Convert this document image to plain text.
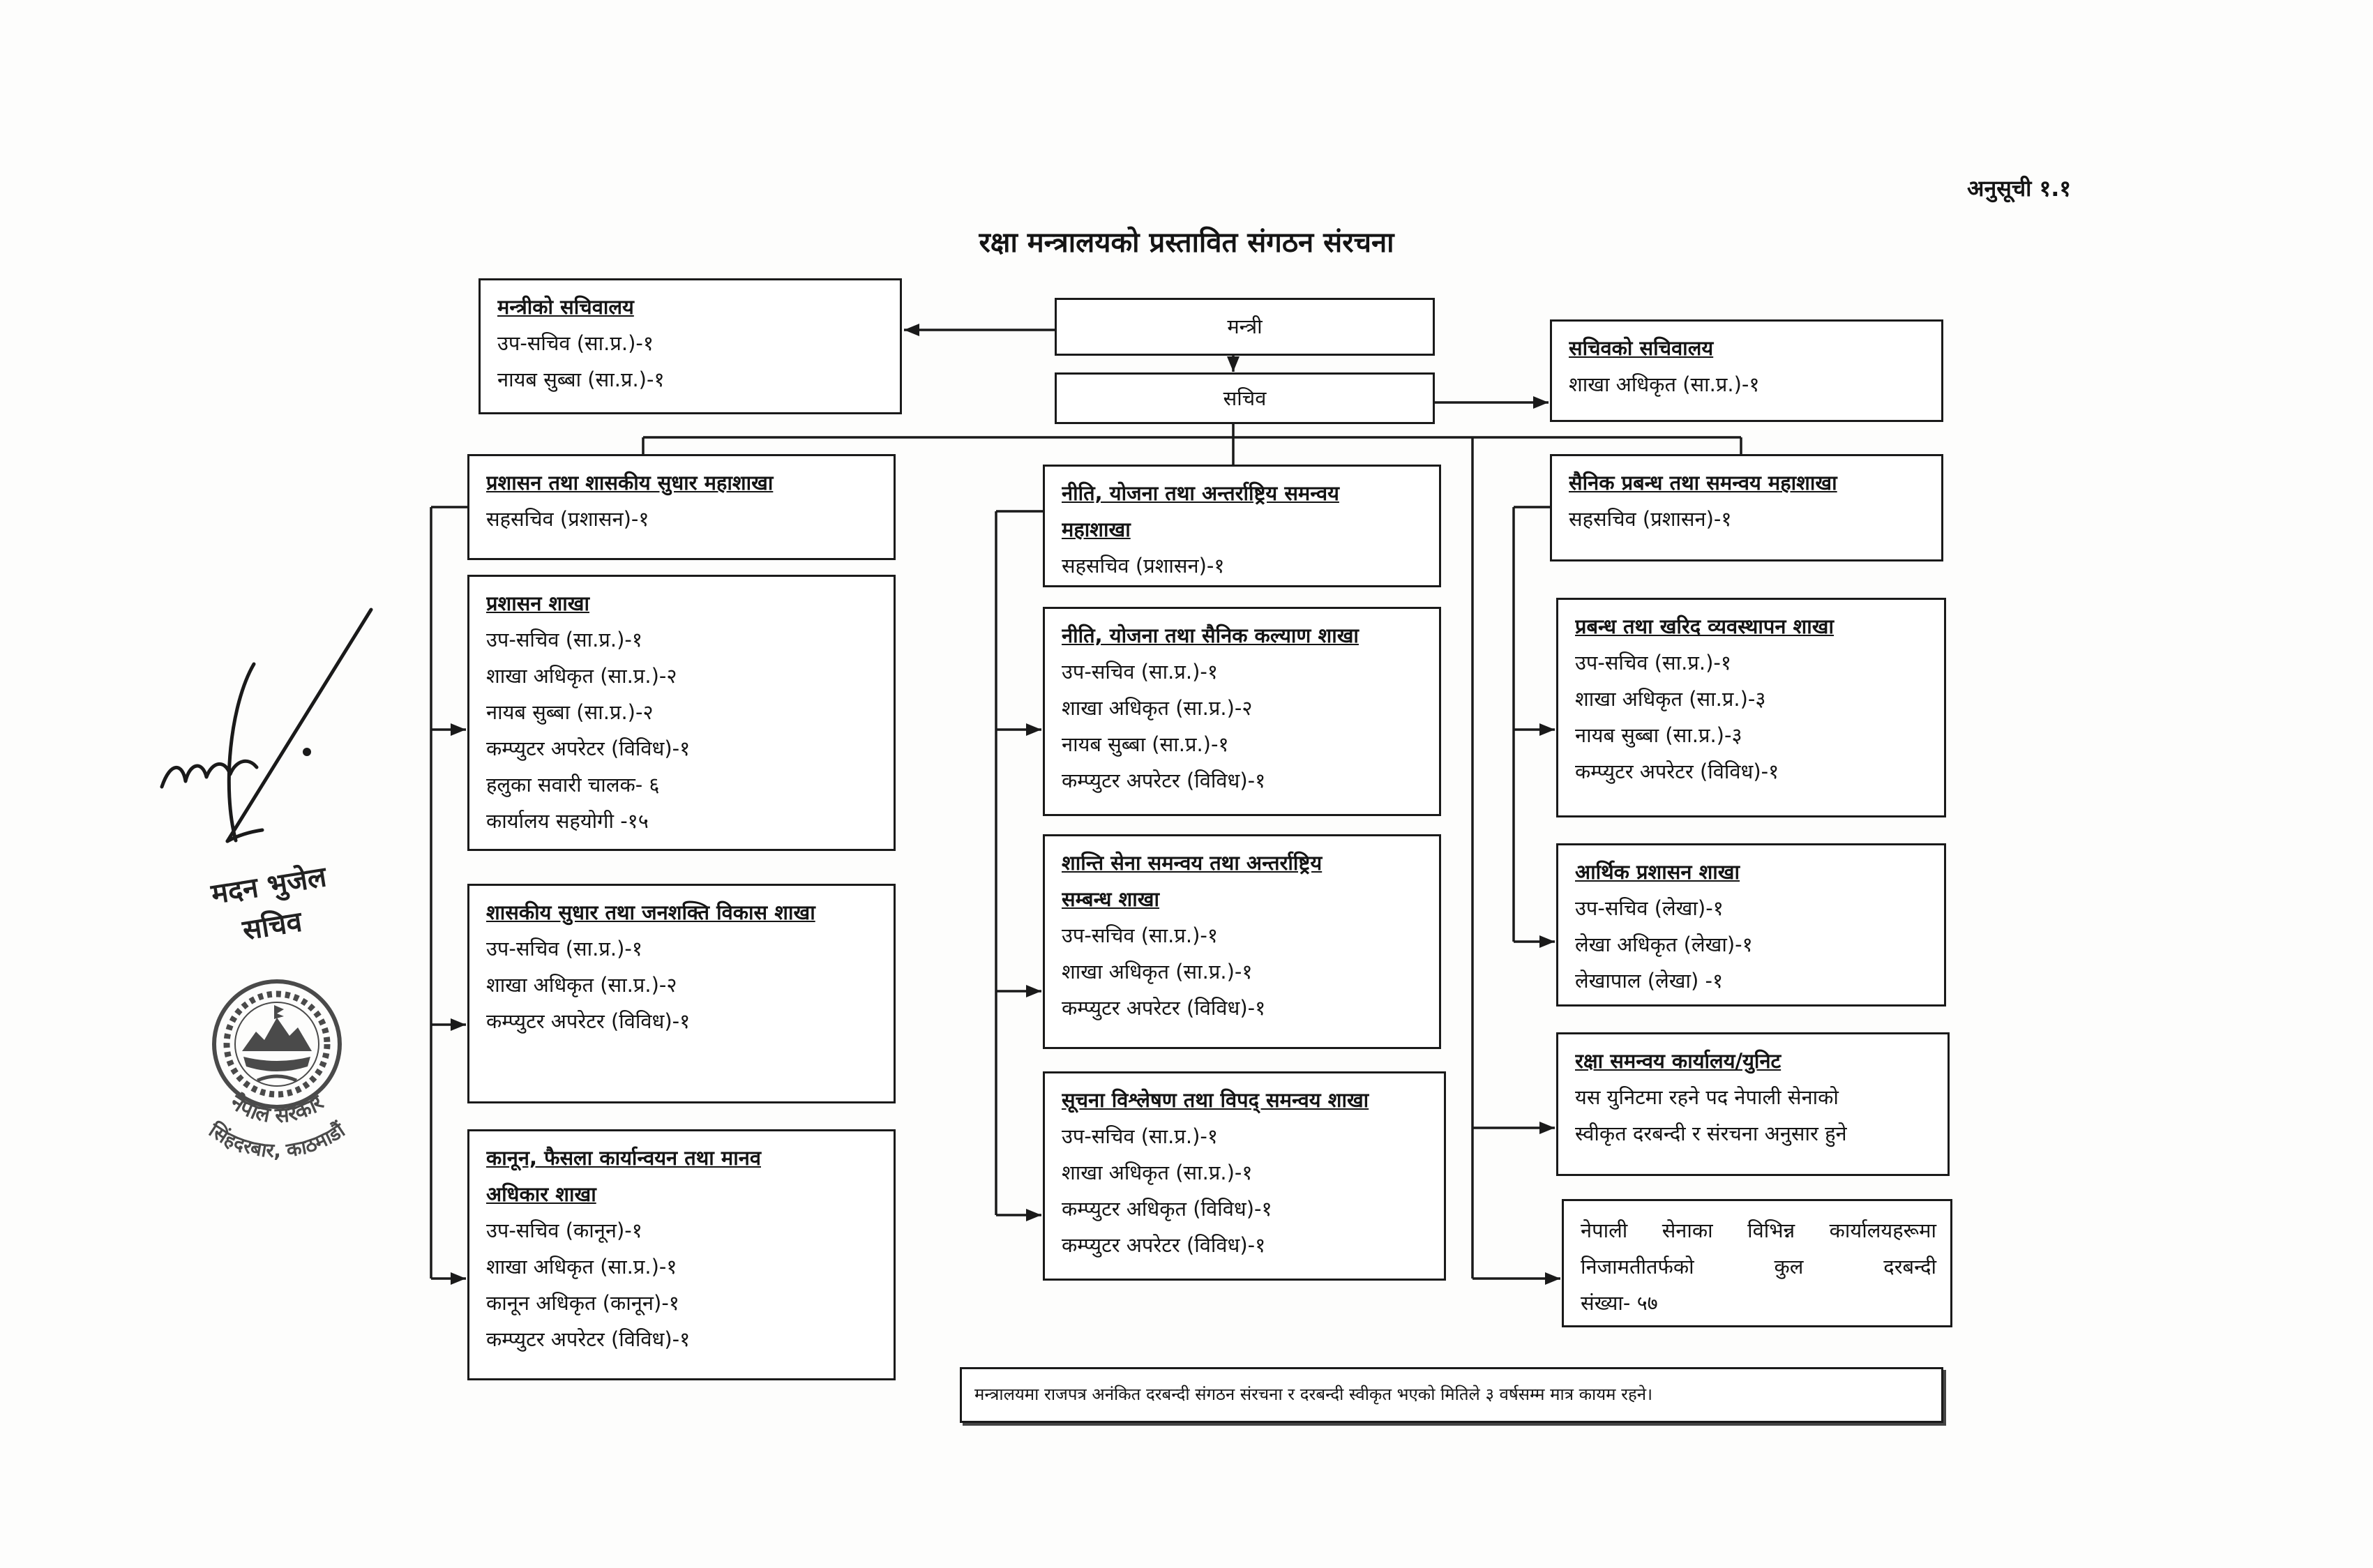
नेपाल सरकार
सिंहदरबार, काठमाडौं
अनुसूची १.१
रक्षा मन्त्रालयको प्रस्तावित संगठन संरचना
मन्त्रीको सचिवालय
उप-सचिव (सा.प्र.)-१
नायब सुब्बा (सा.प्र.)-१
मन्त्री
सचिव
सचिवको सचिवालय
शाखा अधिकृत (सा.प्र.)-१
प्रशासन तथा शासकीय सुधार महाशाखा
सहसचिव (प्रशासन)-१
प्रशासन शाखा
उप-सचिव (सा.प्र.)-१
शाखा अधिकृत (सा.प्र.)-२
नायब सुब्बा (सा.प्र.)-२
कम्प्युटर अपरेटर (विविध)-१
हलुका सवारी चालक- ६
कार्यालय सहयोगी -१५
शासकीय सुधार तथा जनशक्ति विकास शाखा
उप-सचिव (सा.प्र.)-१
शाखा अधिकृत (सा.प्र.)-२
कम्प्युटर अपरेटर (विविध)-१
कानून, फैसला कार्यान्वयन तथा मानव
अधिकार शाखा
उप-सचिव (कानून)-१
शाखा अधिकृत (सा.प्र.)-१
कानून अधिकृत (कानून)-१
कम्प्युटर अपरेटर (विविध)-१
नीति, योजना तथा अन्तर्राष्ट्रिय समन्वय
महाशाखा
सहसचिव (प्रशासन)-१
नीति, योजना तथा सैनिक कल्याण शाखा
उप-सचिव (सा.प्र.)-१
शाखा अधिकृत (सा.प्र.)-२
नायब सुब्बा (सा.प्र.)-१
कम्प्युटर अपरेटर (विविध)-१
शान्ति सेना समन्वय तथा अन्तर्राष्ट्रिय
सम्बन्ध शाखा
उप-सचिव (सा.प्र.)-१
शाखा अधिकृत (सा.प्र.)-१
कम्प्युटर अपरेटर (विविध)-१
सूचना विश्लेषण तथा विपद् समन्वय शाखा
उप-सचिव (सा.प्र.)-१
शाखा अधिकृत (सा.प्र.)-१
कम्प्युटर अधिकृत (विविध)-१
कम्प्युटर अपरेटर (विविध)-१
सैनिक प्रबन्ध तथा समन्वय महाशाखा
सहसचिव (प्रशासन)-१
प्रबन्ध तथा खरिद व्यवस्थापन शाखा
उप-सचिव (सा.प्र.)-१
शाखा अधिकृत (सा.प्र.)-३
नायब सुब्बा (सा.प्र.)-३
कम्प्युटर अपरेटर (विविध)-१
आर्थिक प्रशासन शाखा
उप-सचिव (लेखा)-१
लेखा अधिकृत (लेखा)-१
लेखापाल (लेखा) -१
रक्षा समन्वय कार्यालय/युनिट
यस युनिटमा रहने पद नेपाली सेनाको
स्वीकृत दरबन्दी र संरचना अनुसार हुने
नेपाली सेनाका विभिन्न कार्यालयहरूमा
निजामतीतर्फको कुल दरबन्दी
संख्या- ५७
मन्त्रालयमा राजपत्र अनंकित दरबन्दी संगठन संरचना र दरबन्दी स्वीकृत भएको मितिले ३ वर्षसम्म मात्र कायम रहने।
मदन भुजेल
सचिव
